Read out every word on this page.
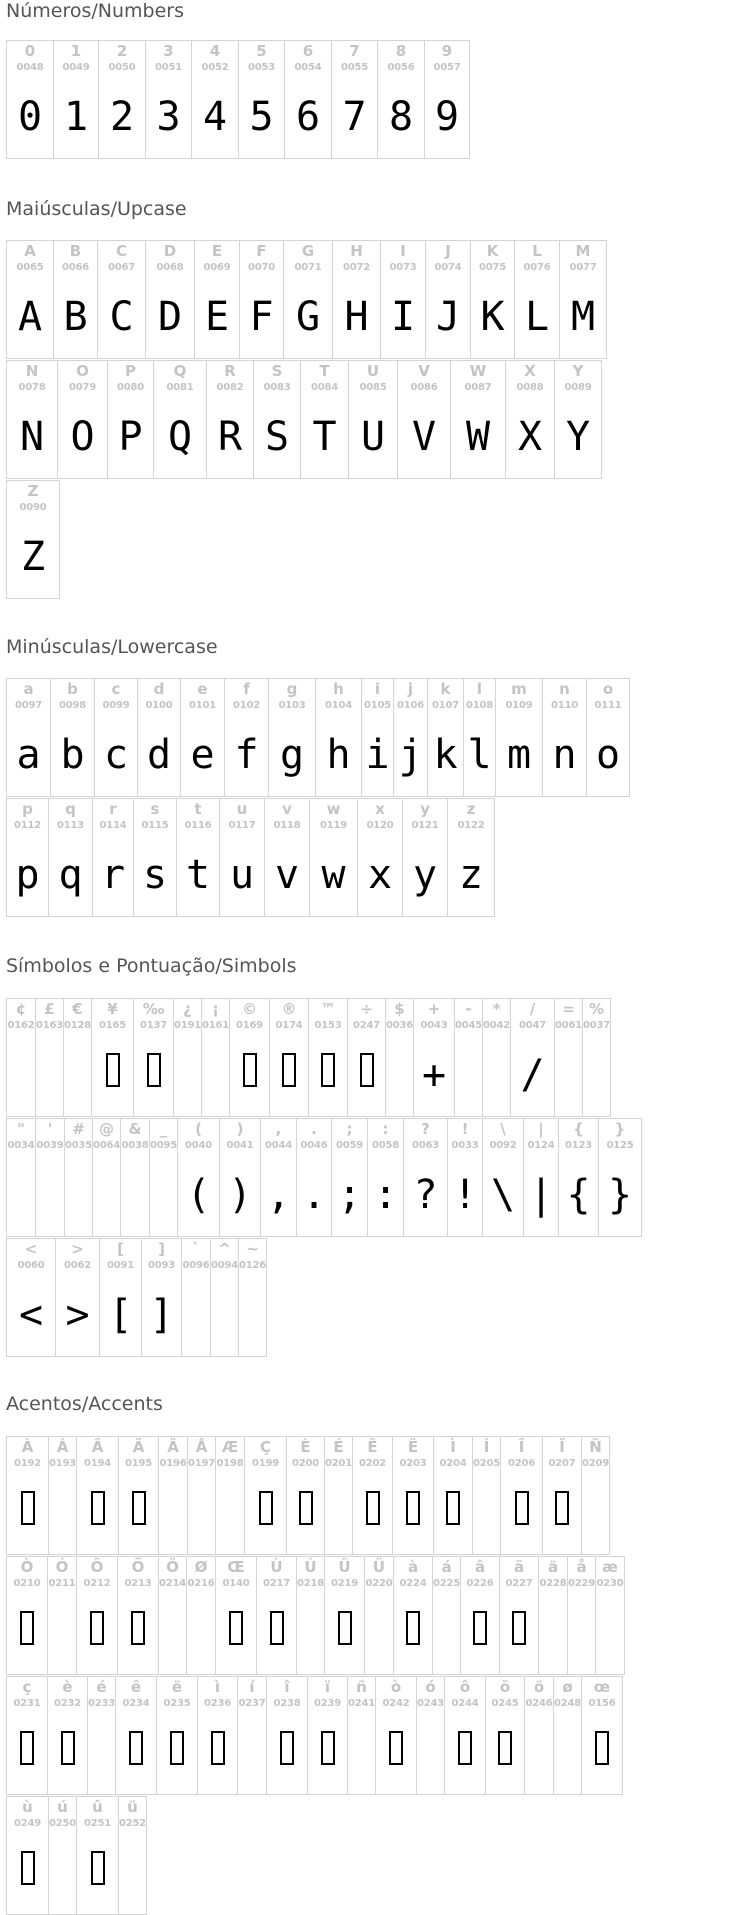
Números/Numbers
0
0048
0
1
0049
1
2
0050
2
3
0051
3
4
0052
4
5
0053
5
6
0054
6
7
0055
7
8
0056
8
9
0057
9
Maiúsculas/Upcase
A
0065
A
B
0066
B
C
0067
C
D
0068
D
E
0069
E
F
0070
F
G
0071
G
H
0072
H
I
0073
I
J
0074
J
K
0075
K
L
0076
L
M
0077
M
N
0078
N
O
0079
O
P
0080
P
Q
0081
Q
R
0082
R
S
0083
S
T
0084
T
U
0085
U
V
0086
V
W
0087
W
X
0088
X
Y
0089
Y
Z
0090
Z
Minúsculas/Lowercase
a
0097
a
b
0098
b
c
0099
c
d
0100
d
e
0101
e
f
0102
f
g
0103
g
h
0104
h
i
0105
i
j
0106
j
k
0107
k
l
0108
l
m
0109
m
n
0110
n
o
0111
o
p
0112
p
q
0113
q
r
0114
r
s
0115
s
t
0116
t
u
0117
u
v
0118
v
w
0119
w
x
0120
x
y
0121
y
z
0122
z
Símbolos e Pontuação/Simbols
¢
0162
£
0163
€
0128
¥
0165
‰
0137
¿
0191
¡
0161
©
0169
®
0174
™
0153
÷
0247
$
0036
+
0043
+
-
0045
*
0042
/
0047
/
=
0061
%
0037
"
0034
'
0039
#
0035
@
0064
&
0038
_
0095
(
0040
(
)
0041
)
,
0044
,
.
0046
.
;
0059
;
:
0058
:
?
0063
?
!
0033
!
\
0092
\
|
0124
|
{
0123
{
}
0125
}
<
0060
<
>
0062
>
[
0091
[
]
0093
]
`
0096
^
0094
~
0126
Acentos/Accents
À
0192
Á
0193
Â
0194
Ã
0195
Ä
0196
Å
0197
Æ
0198
Ç
0199
È
0200
É
0201
Ê
0202
Ë
0203
Ì
0204
Í
0205
Î
0206
Ï
0207
Ñ
0209
Ò
0210
Ó
0211
Ô
0212
Õ
0213
Ö
0214
Ø
0216
Œ
0140
Ù
0217
Ú
0218
Û
0219
Ü
0220
à
0224
á
0225
â
0226
ã
0227
ä
0228
å
0229
æ
0230
ç
0231
è
0232
é
0233
ê
0234
ë
0235
ì
0236
í
0237
î
0238
ï
0239
ñ
0241
ò
0242
ó
0243
ô
0244
õ
0245
ö
0246
ø
0248
œ
0156
ù
0249
ú
0250
û
0251
ü
0252
